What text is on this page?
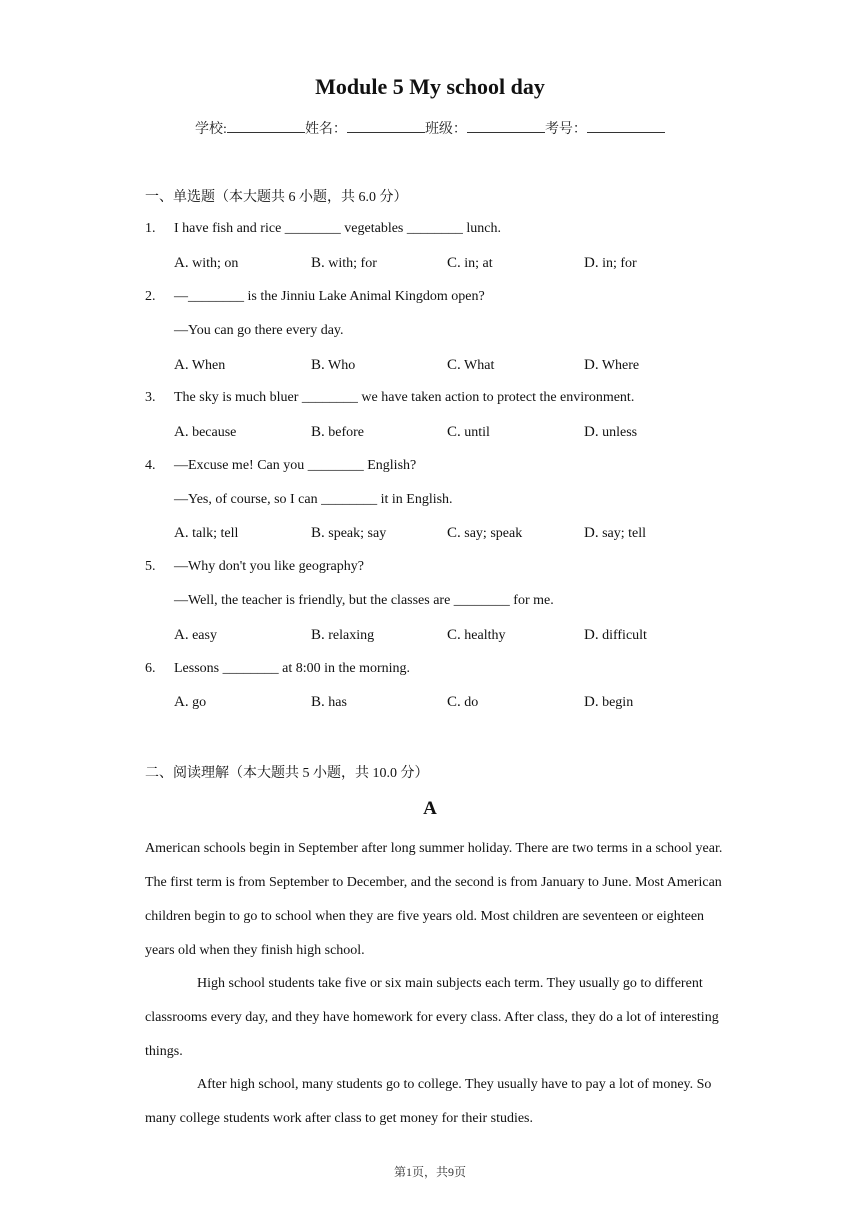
Module 5 My school day
学校:	姓名：	班级：	考号：
一、单选题（本大题共 6 小题，共 6.0 分）
1. I have fish and rice ________ vegetables ________ lunch.
A. with; on	B. with; for	C. in; at	D. in; for
2. —________ is the Jinniu Lake Animal Kingdom open?
—You can go there every day.
A. When	B. Who	C. What	D. Where
3. The sky is much bluer ________ we have taken action to protect the environment.
A. because	B. before	C. until	D. unless
4. —Excuse me! Can you ________ English?
—Yes, of course, so I can ________ it in English.
A. talk; tell	B. speak; say	C. say; speak	D. say; tell
5. —Why don't you like geography?
—Well, the teacher is friendly, but the classes are ________ for me.
A. easy	B. relaxing	C. healthy	D. difficult
6. Lessons ________ at 8:00 in the morning.
A. go	B. has	C. do	D. begin
二、阅读理解（本大题共 5 小题，共 10.0 分）
A
American schools begin in September after long summer holiday. There are two terms in a school year. The first term is from September to December, and the second is from January to June. Most American children begin to go to school when they are five years old. Most children are seventeen or eighteen years old when they finish high school.
High school students take five or six main subjects each term. They usually go to different classrooms every day, and they have homework for every class. After class, they do a lot of interesting things.
After high school, many students go to college. They usually have to pay a lot of money. So many college students work after class to get money for their studies.
第1页，共9页
